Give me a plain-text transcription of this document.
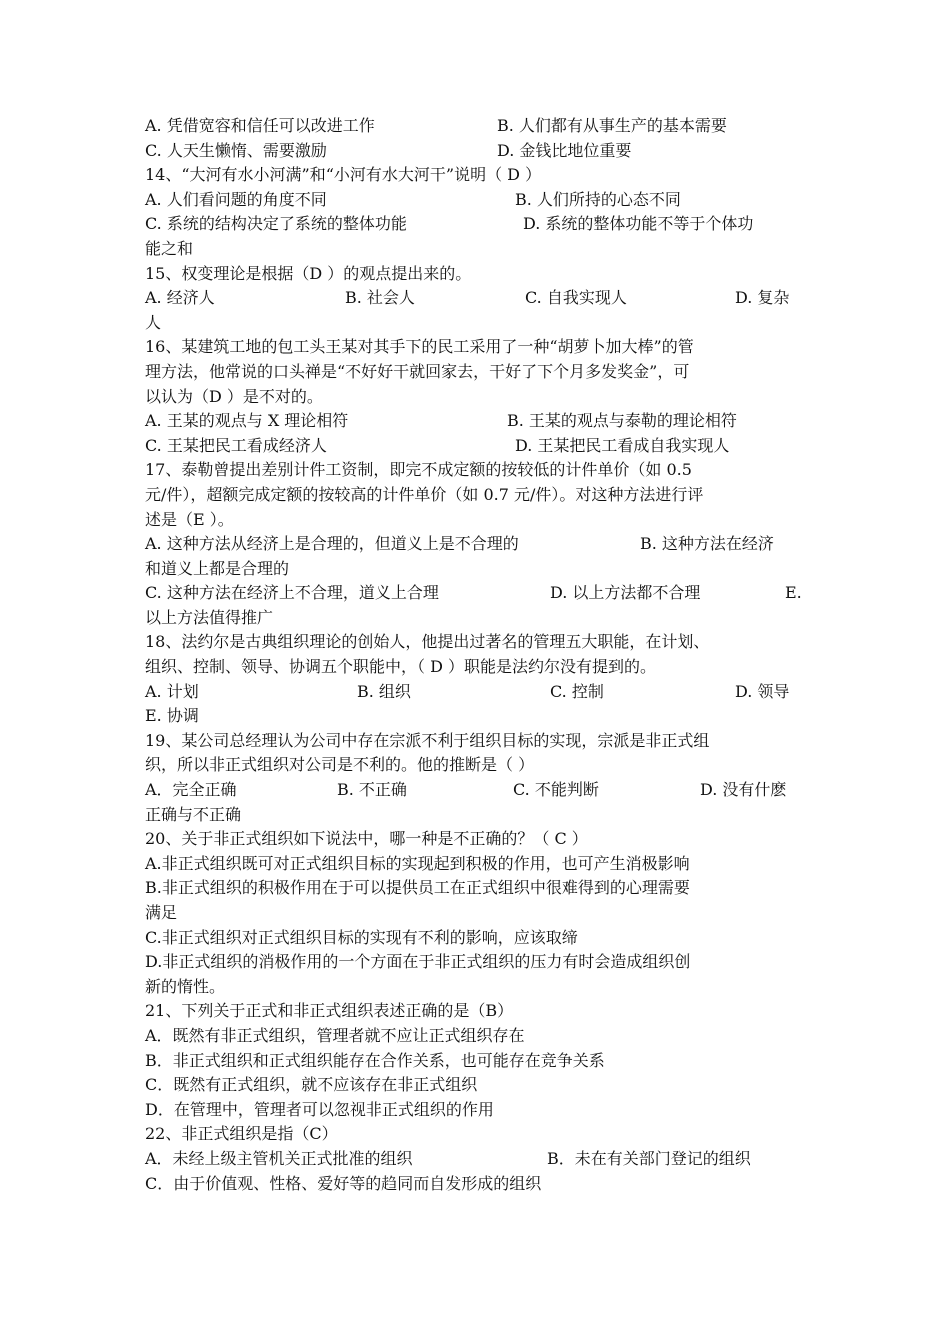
A. 凭借宽容和信任可以改进工作	B. 人们都有从事生产的基本需要
C. 人天生懒惰、需要激励	D. 金钱比地位重要
14、“大河有水小河满”和“小河有水大河干”说明（ D ）
A. 人们看问题的角度不同	B. 人们所持的心态不同
C. 系统的结构决定了系统的整体功能	D. 系统的整体功能不等于个体功
能之和
15、权变理论是根据（D ）的观点提出来的。
A. 经济人	B. 社会人	C. 自我实现人	D. 复杂
人
16、某建筑工地的包工头王某对其手下的民工采用了一种“胡萝卜加大棒”的管
理方法，他常说的口头禅是“不好好干就回家去，干好了下个月多发奖金”，可
以认为（D ）是不对的。
A. 王某的观点与 X 理论相符	B. 王某的观点与泰勒的理论相符
C. 王某把民工看成经济人	D. 王某把民工看成自我实现人
17、泰勒曾提出差别计件工资制，即完不成定额的按较低的计件单价（如 0.5
元/件），超额完成定额的按较高的计件单价（如 0.7 元/件）。对这种方法进行评
述是（E ）。
A. 这种方法从经济上是合理的，但道义上是不合理的	B. 这种方法在经济
和道义上都是合理的
C. 这种方法在经济上不合理，道义上合理	D. 以上方法都不合理	E.
以上方法值得推广
18、法约尔是古典组织理论的创始人，他提出过著名的管理五大职能，在计划、
组织、控制、领导、协调五个职能中，（ D ）职能是法约尔没有提到的。
A. 计划	B. 组织	C. 控制	D. 领导
E. 协调
19、某公司总经理认为公司中存在宗派不利于组织目标的实现，宗派是非正式组
织，所以非正式组织对公司是不利的。他的推断是（ ）
A．完全正确	B. 不正确	C. 不能判断	D. 没有什麽
正确与不正确
20、关于非正式组织如下说法中，哪一种是不正确的？（ C ）
A.非正式组织既可对正式组织目标的实现起到积极的作用，也可产生消极影响
B.非正式组织的积极作用在于可以提供员工在正式组织中很难得到的心理需要
满足
C.非正式组织对正式组织目标的实现有不利的影响，应该取缔
D.非正式组织的消极作用的一个方面在于非正式组织的压力有时会造成组织创
新的惰性。
21、下列关于正式和非正式组织表述正确的是（B）
A．既然有非正式组织，管理者就不应让正式组织存在
B．非正式组织和正式组织能存在合作关系，也可能存在竞争关系
C．既然有正式组织，就不应该存在非正式组织
D．在管理中，管理者可以忽视非正式组织的作用
22、非正式组织是指（C）
A．未经上级主管机关正式批准的组织	B．未在有关部门登记的组织
C．由于价值观、性格、爱好等的趋同而自发形成的组织
